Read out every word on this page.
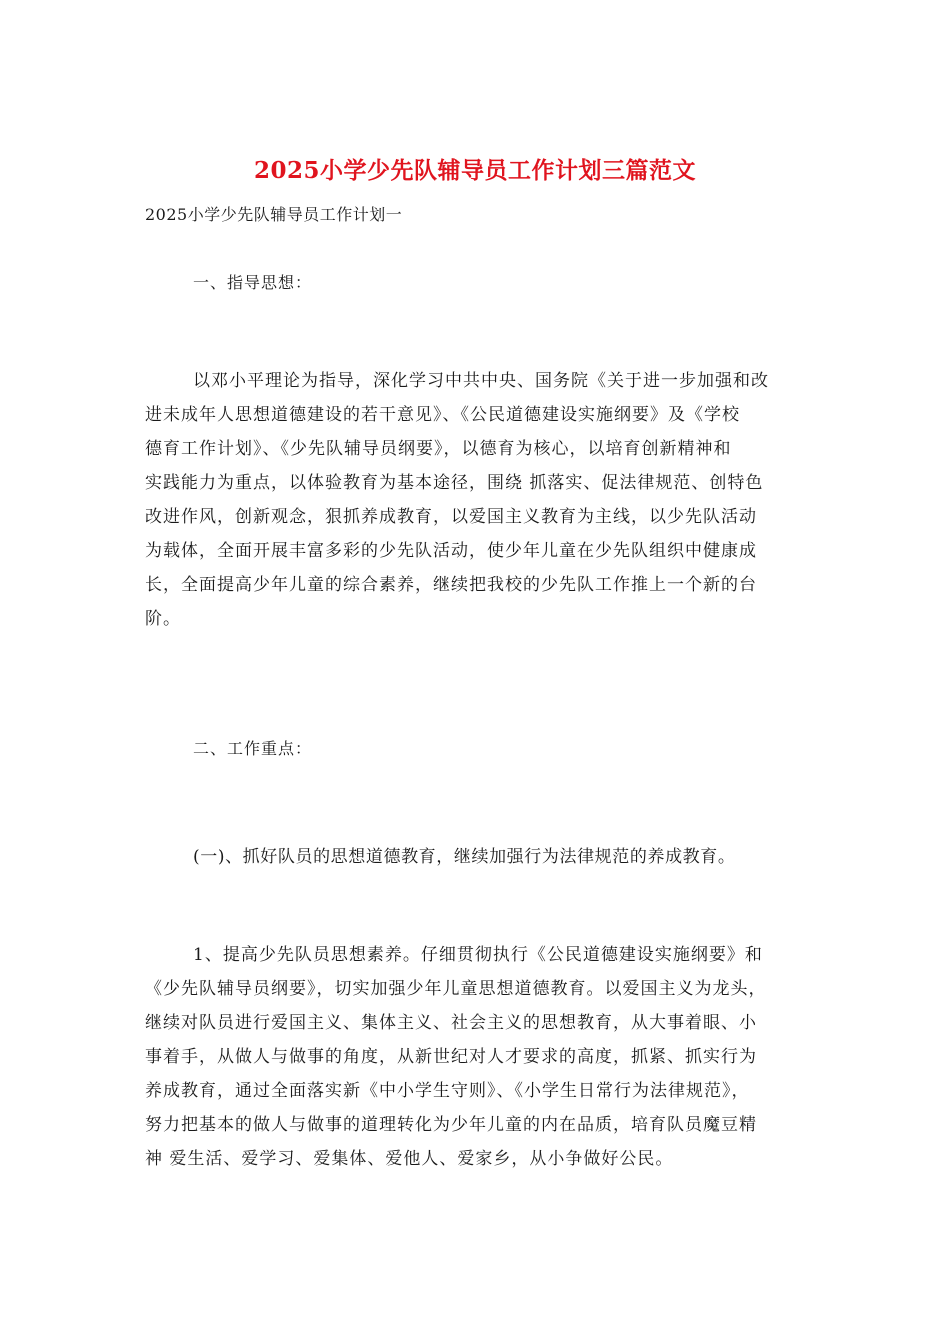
2025小学少先队辅导员工作计划三篇范文
2025小学少先队辅导员工作计划一
一、指导思想：
以邓小平理论为指导，深化学习中共中央、国务院《关于进一步加强和改
进未成年人思想道德建设的若干意见》、《公民道德建设实施纲要》及《学校
德育工作计划》、《少先队辅导员纲要》，以德育为核心，以培育创新精神和
实践能力为重点，以体验教育为基本途径，围绕 抓落实、促法律规范、创特色
改进作风，创新观念，狠抓养成教育，以爱国主义教育为主线，以少先队活动
为载体，全面开展丰富多彩的少先队活动，使少年儿童在少先队组织中健康成
长，全面提高少年儿童的综合素养，继续把我校的少先队工作推上一个新的台
阶。
二、工作重点：
(一)、抓好队员的思想道德教育，继续加强行为法律规范的养成教育。
1、提高少先队员思想素养。仔细贯彻执行《公民道德建设实施纲要》和
《少先队辅导员纲要》，切实加强少年儿童思想道德教育。以爱国主义为龙头，
继续对队员进行爱国主义、集体主义、社会主义的思想教育，从大事着眼、小
事着手，从做人与做事的角度，从新世纪对人才要求的高度，抓紧、抓实行为
养成教育，通过全面落实新《中小学生守则》、《小学生日常行为法律规范》，
努力把基本的做人与做事的道理转化为少年儿童的内在品质，培育队员魔豆精
神 爱生活、爱学习、爱集体、爱他人、爱家乡，从小争做好公民。
